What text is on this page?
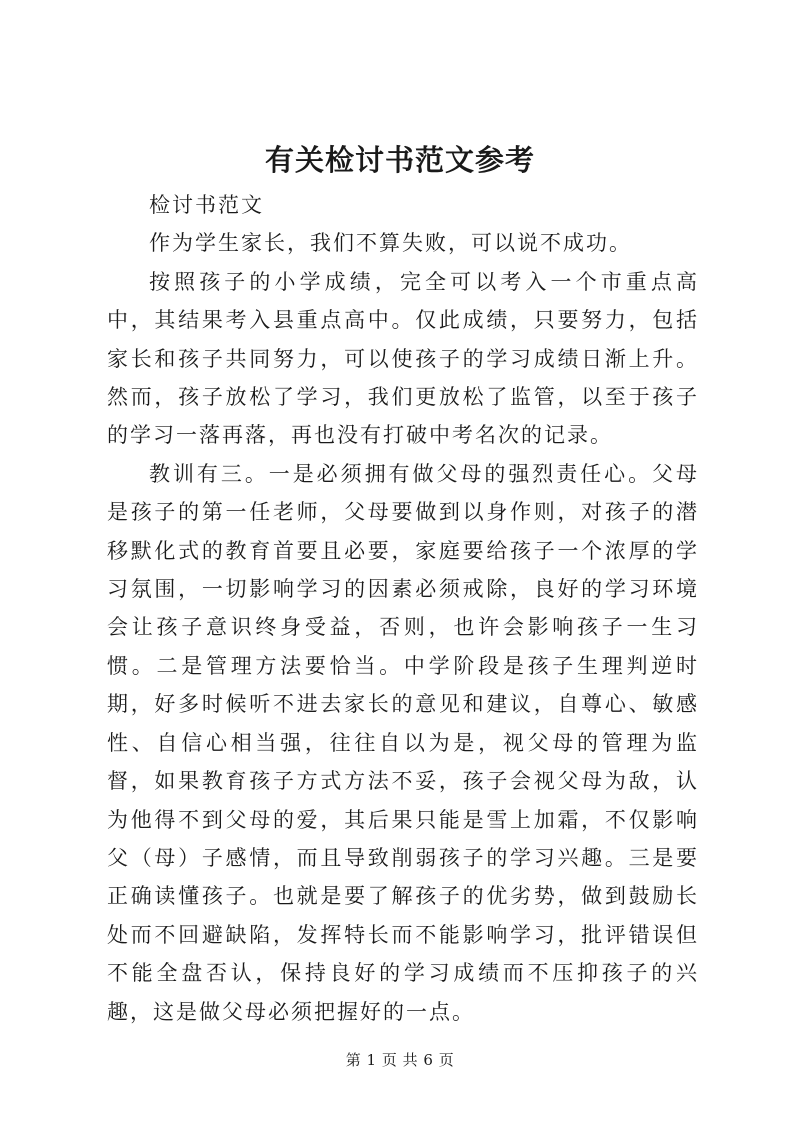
有关检讨书范文参考

检讨书范文

作为学生家长，我们不算失败，可以说不成功。

按照孩子的小学成绩，完全可以考入一个市重点高中，其结果考入县重点高中。仅此成绩，只要努力，包括家长和孩子共同努力，可以使孩子的学习成绩日渐上升。然而，孩子放松了学习，我们更放松了监管，以至于孩子的学习一落再落，再也没有打破中考名次的记录。

教训有三。一是必须拥有做父母的强烈责任心。父母是孩子的第一任老师，父母要做到以身作则，对孩子的潜移默化式的教育首要且必要，家庭要给孩子一个浓厚的学习氛围，一切影响学习的因素必须戒除，良好的学习环境会让孩子意识终身受益，否则，也许会影响孩子一生习惯。二是管理方法要恰当。中学阶段是孩子生理判逆时期，好多时候听不进去家长的意见和建议，自尊心、敏感性、自信心相当强，往往自以为是，视父母的管理为监督，如果教育孩子方式方法不妥，孩子会视父母为敌，认为他得不到父母的爱，其后果只能是雪上加霜，不仅影响父（母）子感情，而且导致削弱孩子的学习兴趣。三是要正确读懂孩子。也就是要了解孩子的优劣势，做到鼓励长处而不回避缺陷，发挥特长而不能影响学习，批评错误但不能全盘否认，保持良好的学习成绩而不压抑孩子的兴趣，这是做父母必须把握好的一点。

第 1 页 共 6 页
